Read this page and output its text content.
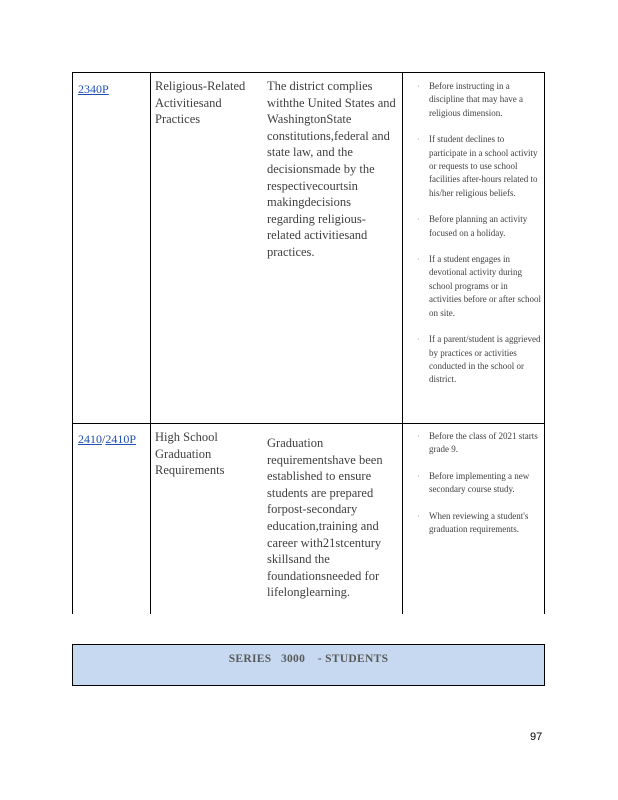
2340P	Religious-Related Activitiesand Practices
The district complies withthe United States and WashingtonState constitutions,federal and state law, and the decisionsmade by the respectivecourtsin makingdecisions regarding religious-related activitiesand practices.
· Before instructing in a discipline that may have a religious dimension.
· If student declines to participate in a school activity or requests to use school facilities after-hours related to his/her religious beliefs.
· Before planning an activity focused on a holiday.
· If a student engages in devotional activity during school programs or in activities before or after school on site.
· If a parent/student is aggrieved by practices or activities conducted in the school or district.
2410/2410P	High School Graduation Requirements
Graduation requirementshave been established to ensure students are prepared forpost-secondary education,training and career with21stcentury skillsand the foundationsneeded for lifelonglearning.
· Before the class of 2021 starts grade 9.
· Before implementing a new secondary course study.
· When reviewing a student's graduation requirements.
SERIES   3000    - STUDENTS
97
